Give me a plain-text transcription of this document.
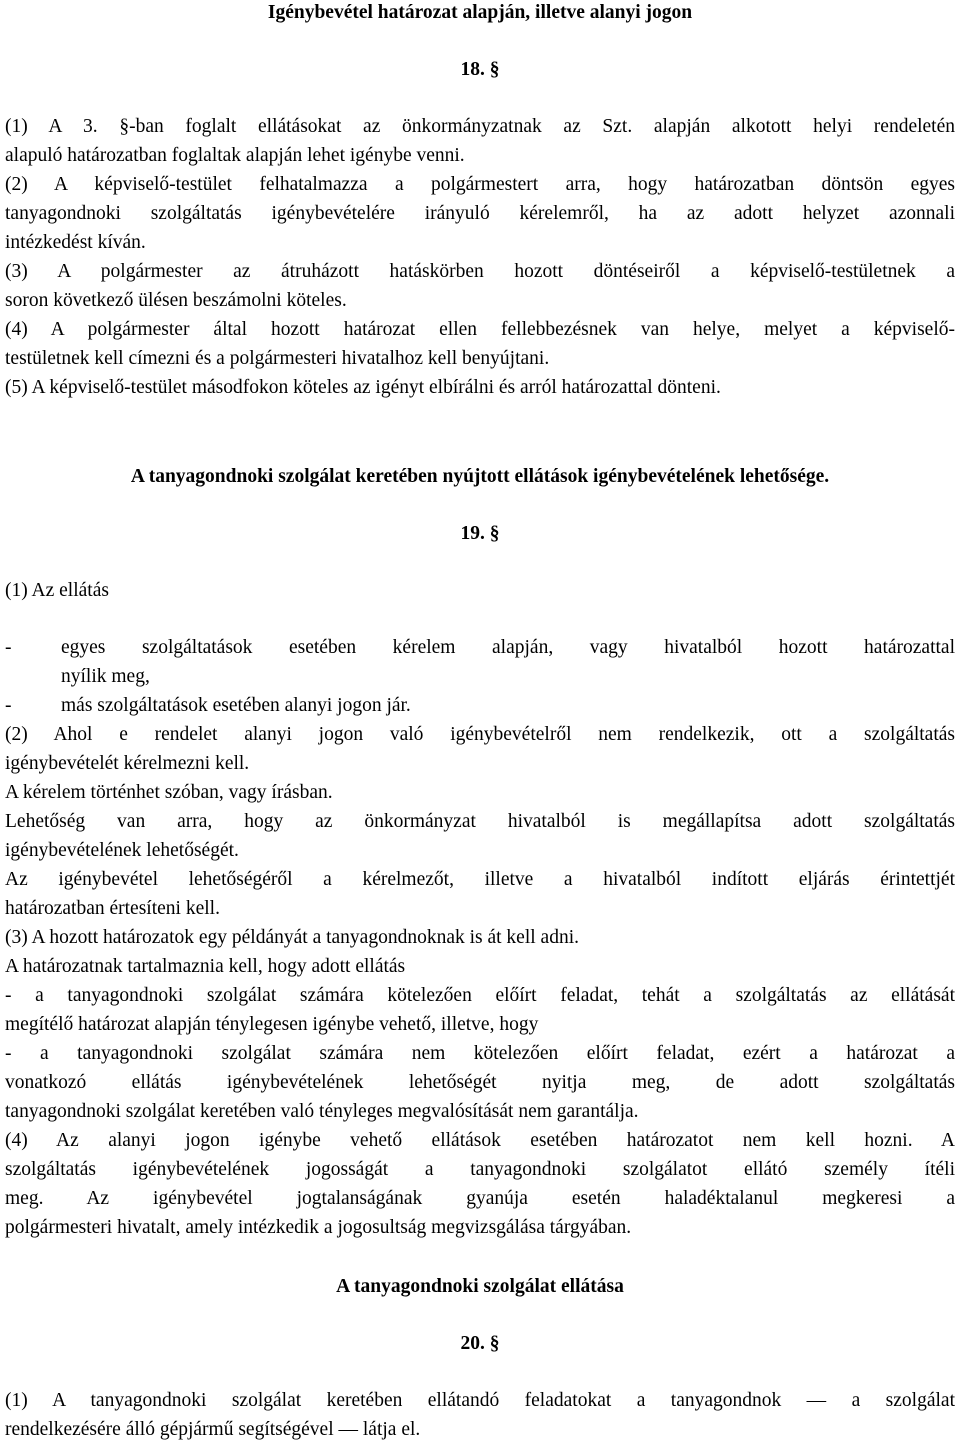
Igénybevétel határozat alapján, illetve alanyi jogon
18. §
(1) A 3. §-ban foglalt ellátásokat az önkormányzatnak az Szt. alapján alkotott helyi rendeletén
alapuló határozatban foglaltak alapján lehet igénybe venni.
(2) A képviselő-testület felhatalmazza a polgármestert arra, hogy határozatban döntsön egyes
tanyagondnoki szolgáltatás igénybevételére irányuló kérelemről, ha az adott helyzet azonnali
intézkedést kíván.
(3) A polgármester az átruházott hatáskörben hozott döntéseiről a képviselő-testületnek a
soron következő ülésen beszámolni köteles.
(4) A polgármester által hozott határozat ellen fellebbezésnek van helye, melyet a képviselő-
testületnek kell címezni és a polgármesteri hivatalhoz kell benyújtani.
(5) A képviselő-testület másodfokon köteles az igényt elbírálni és arról határozattal dönteni.
A tanyagondnoki szolgálat keretében nyújtott ellátások igénybevételének lehetősége.
19. §
(1) Az ellátás
-	egyes szolgáltatások esetében kérelem alapján, vagy hivatalból hozott határozattal
nyílik meg,
-	más szolgáltatások esetében alanyi jogon jár.
(2) Ahol e rendelet alanyi jogon való igénybevételről nem rendelkezik, ott a szolgáltatás
igénybevételét kérelmezni kell.
A kérelem történhet szóban, vagy írásban.
Lehetőség van arra, hogy az önkormányzat hivatalból is megállapítsa adott szolgáltatás
igénybevételének lehetőségét.
Az igénybevétel lehetőségéről a kérelmezőt, illetve a hivatalból indított eljárás érintettjét
határozatban értesíteni kell.
(3) A hozott határozatok egy példányát a tanyagondnoknak is át kell adni.
A határozatnak tartalmaznia kell, hogy adott ellátás
- a tanyagondnoki szolgálat számára kötelezően előírt feladat, tehát a szolgáltatás az ellátását
megítélő határozat alapján ténylegesen igénybe vehető, illetve, hogy
- a tanyagondnoki szolgálat számára nem kötelezően előírt feladat, ezért a határozat a
vonatkozó ellátás igénybevételének lehetőségét nyitja meg, de adott szolgáltatás
tanyagondnoki szolgálat keretében való tényleges megvalósítását nem garantálja.
(4) Az alanyi jogon igénybe vehető ellátások esetében határozatot nem kell hozni. A
szolgáltatás igénybevételének jogosságát a tanyagondnoki szolgálatot ellátó személy ítéli
meg. Az igénybevétel jogtalanságának gyanúja esetén haladéktalanul megkeresi a
polgármesteri hivatalt, amely intézkedik a jogosultság megvizsgálása tárgyában.
A tanyagondnoki szolgálat ellátása
20. §
(1) A tanyagondnoki szolgálat keretében ellátandó feladatokat a tanyagondnok — a szolgálat
rendelkezésére álló gépjármű segítségével — látja el.
